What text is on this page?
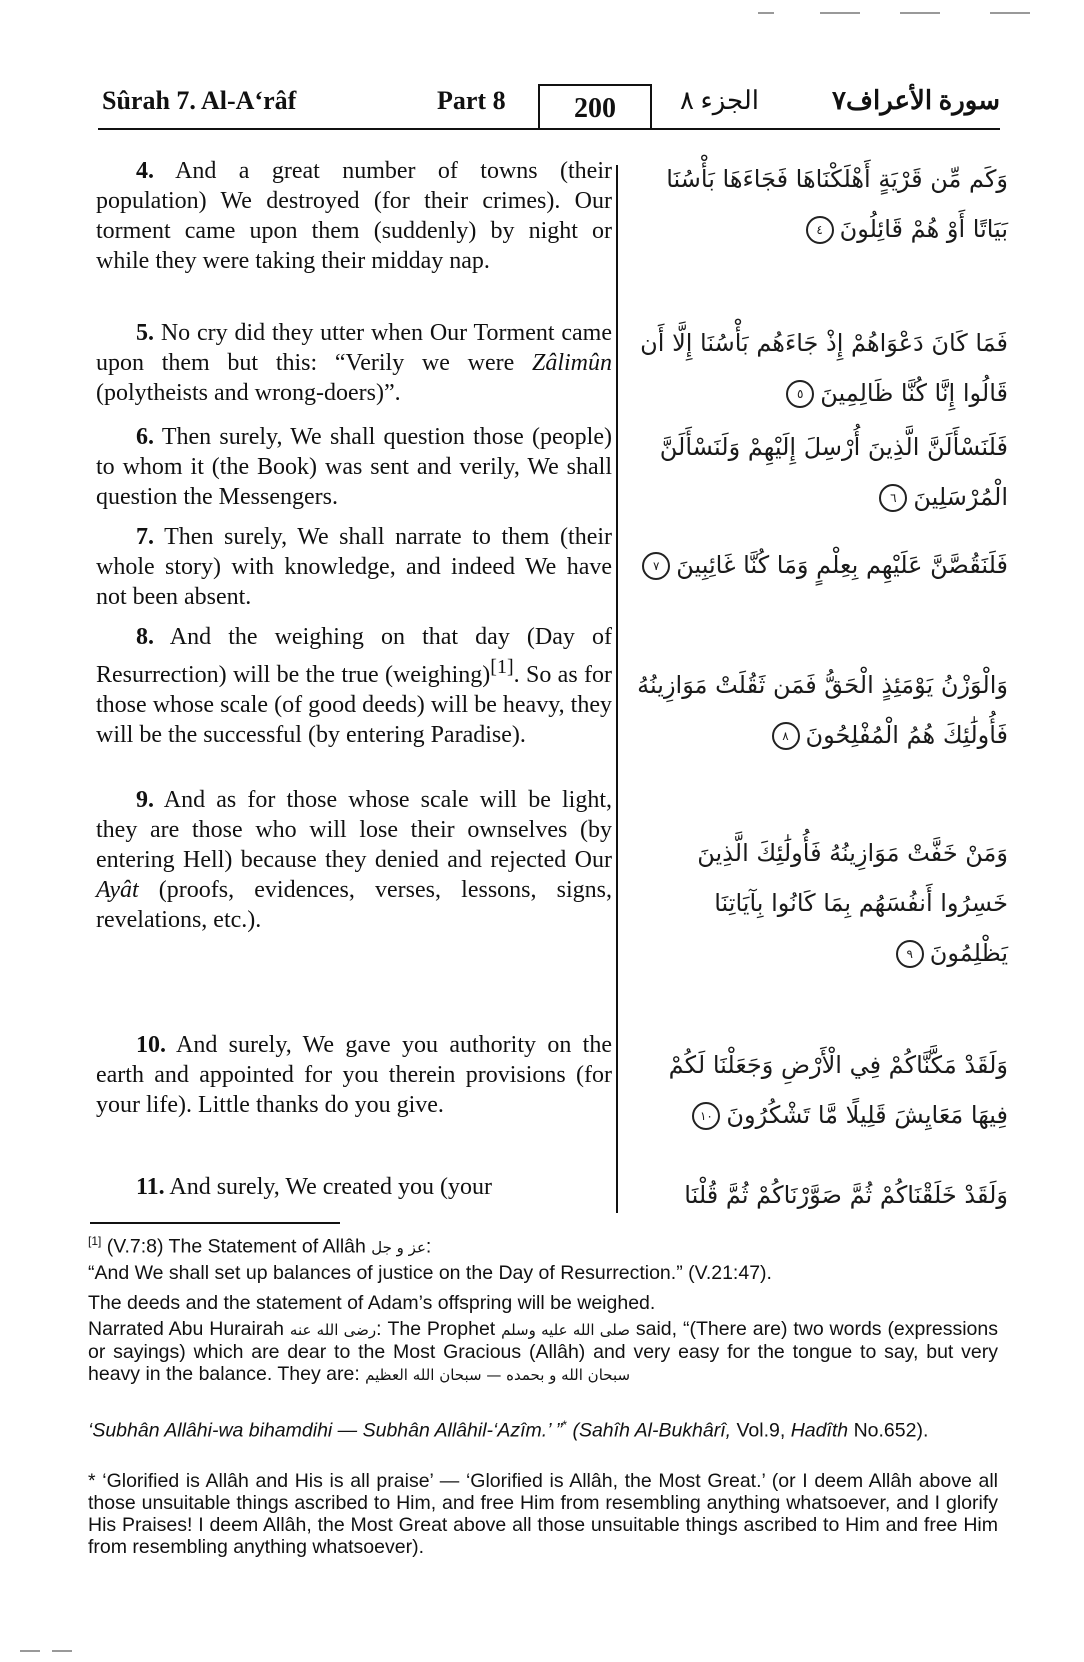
Sûrah 7. Al-A‘râf	Part 8	200	الجزء ٨	سورة الأعراف٧

4. And a great number of towns (their population) We destroyed (for their crimes). Our torment came upon them (suddenly) by night or while they were taking their midday nap.

وَكَم مِّن قَرْيَةٍ أَهْلَكْنَاهَا فَجَاءَهَا بَأْسُنَا بَيَاتًا أَوْ هُمْ قَائِلُونَ٤

5. No cry did they utter when Our Torment came upon them but this: “Verily we were Zâlimûn (polytheists and wrong-doers)”.

فَمَا كَانَ دَعْوَاهُمْ إِذْ جَاءَهُم بَأْسُنَا إِلَّا أَن قَالُوا إِنَّا كُنَّا ظَالِمِينَ٥

6. Then surely, We shall question those (people) to whom it (the Book) was sent and verily, We shall question the Messengers.

فَلَنَسْأَلَنَّ الَّذِينَ أُرْسِلَ إِلَيْهِمْ وَلَنَسْأَلَنَّ الْمُرْسَلِينَ٦

7. Then surely, We shall narrate to them (their whole story) with knowledge, and indeed We have not been absent.

فَلَنَقُصَّنَّ عَلَيْهِم بِعِلْمٍ وَمَا كُنَّا غَائِبِينَ٧

8. And the weighing on that day (Day of Resurrection) will be the true (weighing)[1]. So as for those whose scale (of good deeds) will be heavy, they will be the successful (by entering Paradise).

وَالْوَزْنُ يَوْمَئِذٍ الْحَقُّ فَمَن ثَقُلَتْ مَوَازِينُهُ فَأُولَٰئِكَ هُمُ الْمُفْلِحُونَ٨

9. And as for those whose scale will be light, they are those who will lose their ownselves (by entering Hell) because they denied and rejected Our Ayât (proofs, evidences, verses, lessons, signs, revelations, etc.).

وَمَنْ خَفَّتْ مَوَازِينُهُ فَأُولَٰئِكَ الَّذِينَ خَسِرُوا أَنفُسَهُم بِمَا كَانُوا بِآيَاتِنَا يَظْلِمُونَ٩

10. And surely, We gave you authority on the earth and appointed for you therein provisions (for your life). Little thanks do you give.

وَلَقَدْ مَكَّنَّاكُمْ فِي الْأَرْضِ وَجَعَلْنَا لَكُمْ فِيهَا مَعَايِشَ قَلِيلًا مَّا تَشْكُرُونَ١٠

11. And surely, We created you (your	وَلَقَدْ خَلَقْنَاكُمْ ثُمَّ صَوَّرْنَاكُمْ ثُمَّ قُلْنَا
[1] (V.7:8) The Statement of Allâh عز و جل:
“And We shall set up balances of justice on the Day of Resurrection.” (V.21:47).
The deeds and the statement of Adam’s offspring will be weighed.
Narrated Abu Hurairah رضى الله عنه: The Prophet صلى الله عليه وسلم said, “(There are) two words (expressions or sayings) which are dear to the Most Gracious (Allâh) and very easy for the tongue to say, but very heavy in the balance. They are: سبحان الله و بحمده — سبحان الله العظيم
‘Subhân Allâhi-wa bihamdihi — Subhân Allâhil-‘Azîm.’ ”* (Sahîh Al-Bukhârî, Vol.9, Hadîth No.652).
* ‘Glorified is Allâh and His is all praise’ — ‘Glorified is Allâh, the Most Great.’ (or I deem Allâh above all those unsuitable things ascribed to Him, and free Him from resembling anything whatsoever, and I glorify His Praises! I deem Allâh, the Most Great above all those unsuitable things ascribed to Him and free Him from resembling anything whatsoever).
